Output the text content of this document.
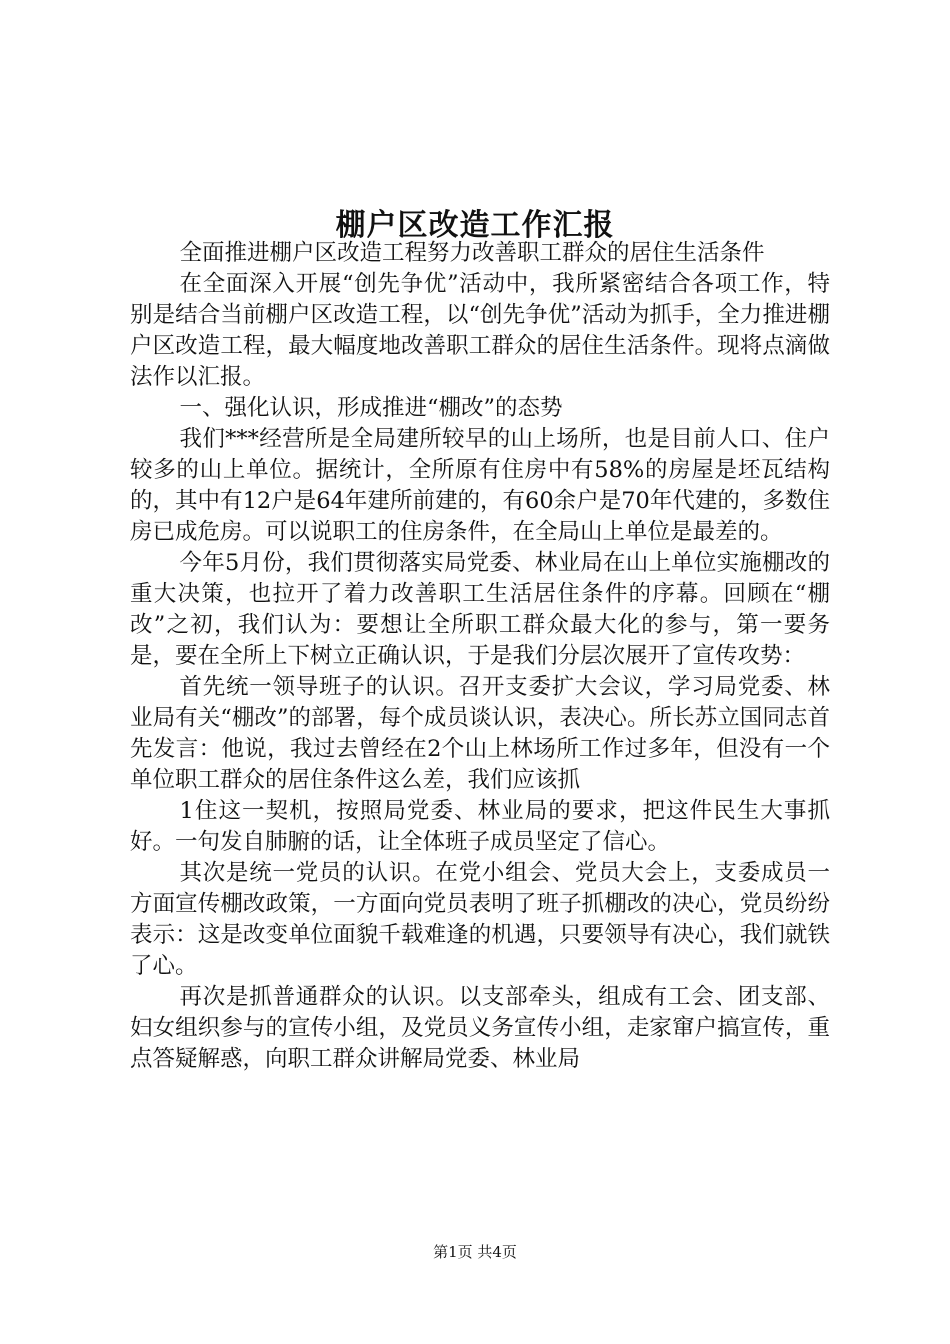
棚户区改造工作汇报

全面推进棚户区改造工程努力改善职工群众的居住生活条件

在全面深入开展“创先争优”活动中，我所紧密结合各项工作，特别是结合当前棚户区改造工程，以“创先争优”活动为抓手，全力推进棚户区改造工程，最大幅度地改善职工群众的居住生活条件。现将点滴做法作以汇报。

一、强化认识，形成推进“棚改”的态势

我们***经营所是全局建所较早的山上场所，也是目前人口、住户较多的山上单位。据统计，全所原有住房中有58%的房屋是坯瓦结构的，其中有12户是64年建所前建的，有60余户是70年代建的，多数住房已成危房。可以说职工的住房条件，在全局山上单位是最差的。

今年5月份，我们贯彻落实局党委、林业局在山上单位实施棚改的重大决策，也拉开了着力改善职工生活居住条件的序幕。回顾在“棚改”之初，我们认为：要想让全所职工群众最大化的参与，第一要务是，要在全所上下树立正确认识，于是我们分层次展开了宣传攻势：

首先统一领导班子的认识。召开支委扩大会议，学习局党委、林业局有关“棚改”的部署，每个成员谈认识，表决心。所长苏立国同志首先发言：他说，我过去曾经在2个山上林场所工作过多年，但没有一个单位职工群众的居住条件这么差，我们应该抓

1住这一契机，按照局党委、林业局的要求，把这件民生大事抓好。一句发自肺腑的话，让全体班子成员坚定了信心。

其次是统一党员的认识。在党小组会、党员大会上，支委成员一方面宣传棚改政策，一方面向党员表明了班子抓棚改的决心，党员纷纷表示：这是改变单位面貌千载难逢的机遇，只要领导有决心，我们就铁了心。

再次是抓普通群众的认识。以支部牵头，组成有工会、团支部、妇女组织参与的宣传小组，及党员义务宣传小组，走家窜户搞宣传，重点答疑解惑，向职工群众讲解局党委、林业局

第1页 共4页
